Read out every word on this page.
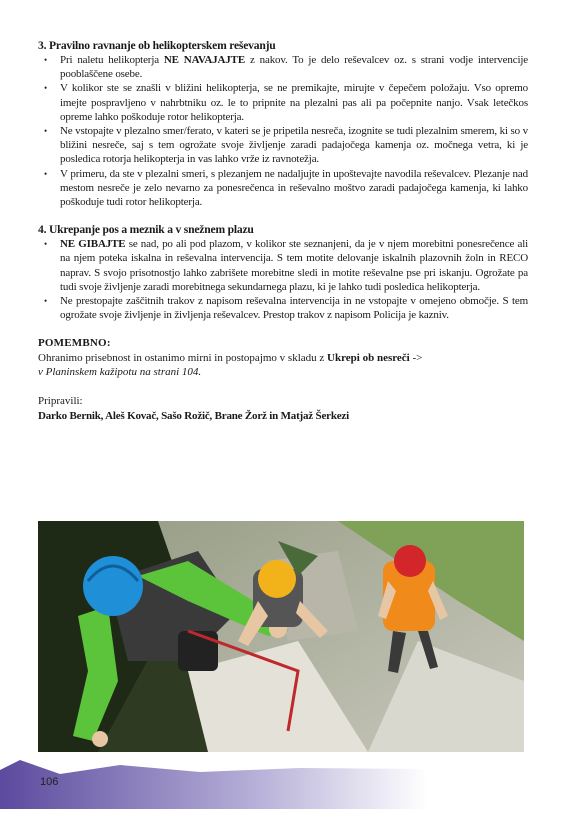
3. Pravilno ravnanje ob helikopterskem reševanju
• Pri naletu helikopterja NE NAVAJAJTE z nakov. To je delo reševalcev oz. s strani vodje intervencije pooblaščene osebe.
• V kolikor ste se znašli v bližini helikopterja, se ne premikajte, mirujte v čepečem položaju. Vso opremo imejte pospravljeno v nahrbtniku oz. le to pripnite na plezalni pas ali pa počepnite nanjo. Vsak letečkos opreme lahko poškoduje rotor helikopterja.
• Ne vstopajte v plezalno smer/ferato, v kateri se je pripetila nesreča, izognite se tudi plezalnim smerem, ki so v bližini nesreče, saj s tem ogrožate svoje življenje zaradi padajočega kamenja oz. močnega vetra, ki je posledica rotorja helikopterja in vas lahko vrže iz ravnotežja.
• V primeru, da ste v plezalni smeri, s plezanjem ne nadaljujte in upoštevajte navodila reševalcev. Plezanje nad mestom nesreče je zelo nevarno za ponesrečenca in reševalno moštvo zaradi padajočega kamenja, ki lahko poškoduje tudi rotor helikopterja.
4. Ukrepanje pos a meznik a v snežnem plazu
• NE GIBAJTE se nad, po ali pod plazom, v kolikor ste seznanjeni, da je v njem morebitni ponesrečence ali na njem poteka iskalna in reševalna intervencija. S tem motite delovanje iskalnih plazovnih žoln in RECO naprav. S svojo prisotnostjo lahko zabrišete morebitne sledi in motite reševalne pse pri iskanju. Ogrožate pa tudi svoje življenje zaradi morebitnega sekundarnega plazu, ki je lahko tudi posledica helikopterja.
• Ne prestopajte zaščitnih trakov z napisom reševalna intervencija in ne vstopajte v omejeno območje. S tem ogrožate svoje življenje in življenja reševalcev. Prestop trakov z napisom Policija je kazniv.
POMEMBNO:
Ohranimo prisebnost in ostanimo mirni in postopajmo v skladu z Ukrepi ob nesreči ->
v Planinskem kažipotu na strani 104.
Pripravili:
Darko Bernik, Aleš Kovač, Sašo Rožič, Brane Žorž in Matjaž Šerkezi
106
